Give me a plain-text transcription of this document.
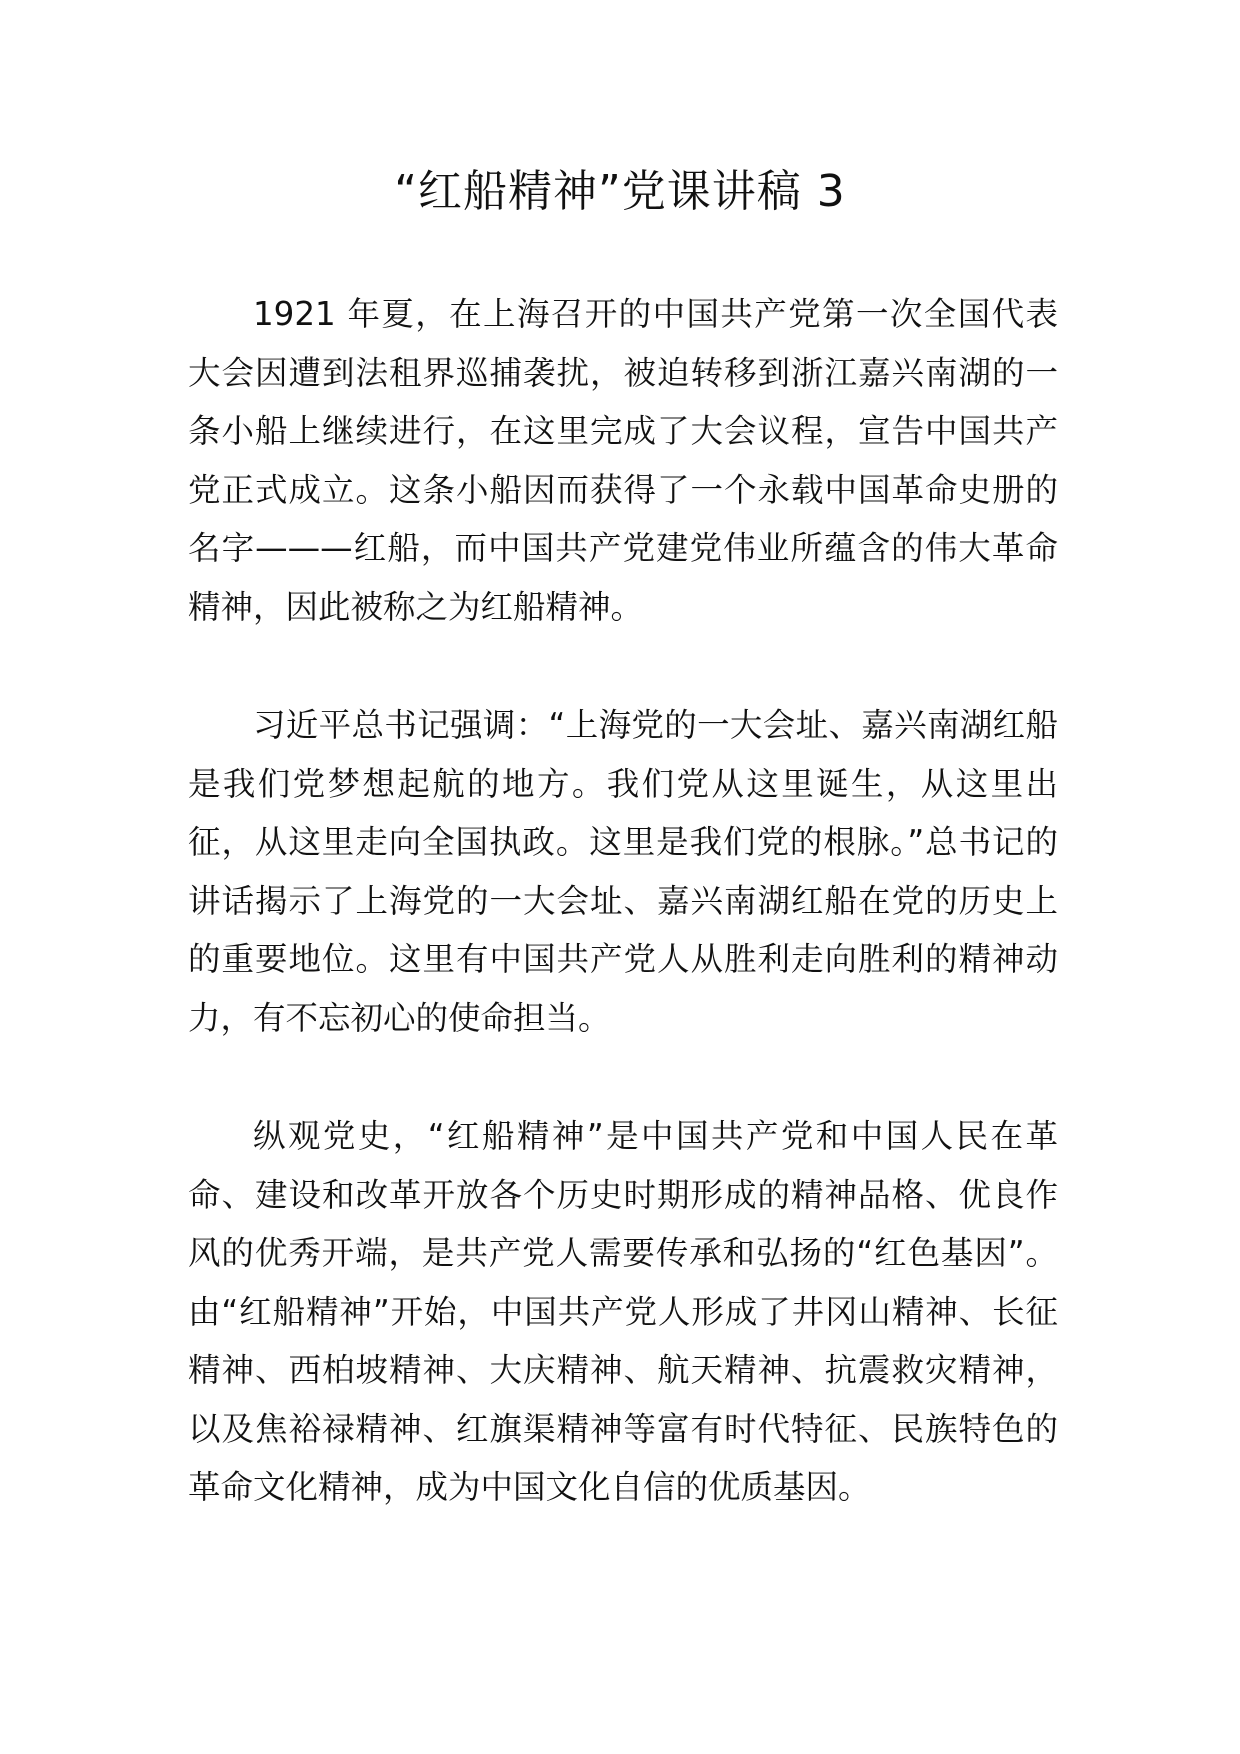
“红船精神”党课讲稿 3

1921 年夏，在上海召开的中国共产党第一次全国代表大会因遭到法租界巡捕袭扰，被迫转移到浙江嘉兴南湖的一条小船上继续进行，在这里完成了大会议程，宣告中国共产党正式成立。这条小船因而获得了一个永载中国革命史册的名字———红船，而中国共产党建党伟业所蕴含的伟大革命精神，因此被称之为红船精神。

习近平总书记强调：“上海党的一大会址、嘉兴南湖红船是我们党梦想起航的地方。我们党从这里诞生，从这里出征，从这里走向全国执政。这里是我们党的根脉。”总书记的讲话揭示了上海党的一大会址、嘉兴南湖红船在党的历史上的重要地位。这里有中国共产党人从胜利走向胜利的精神动力，有不忘初心的使命担当。

纵观党史，“红船精神”是中国共产党和中国人民在革命、建设和改革开放各个历史时期形成的精神品格、优良作风的优秀开端，是共产党人需要传承和弘扬的“红色基因”。由“红船精神”开始，中国共产党人形成了井冈山精神、长征精神、西柏坡精神、大庆精神、航天精神、抗震救灾精神，以及焦裕禄精神、红旗渠精神等富有时代特征、民族特色的革命文化精神，成为中国文化自信的优质基因。
